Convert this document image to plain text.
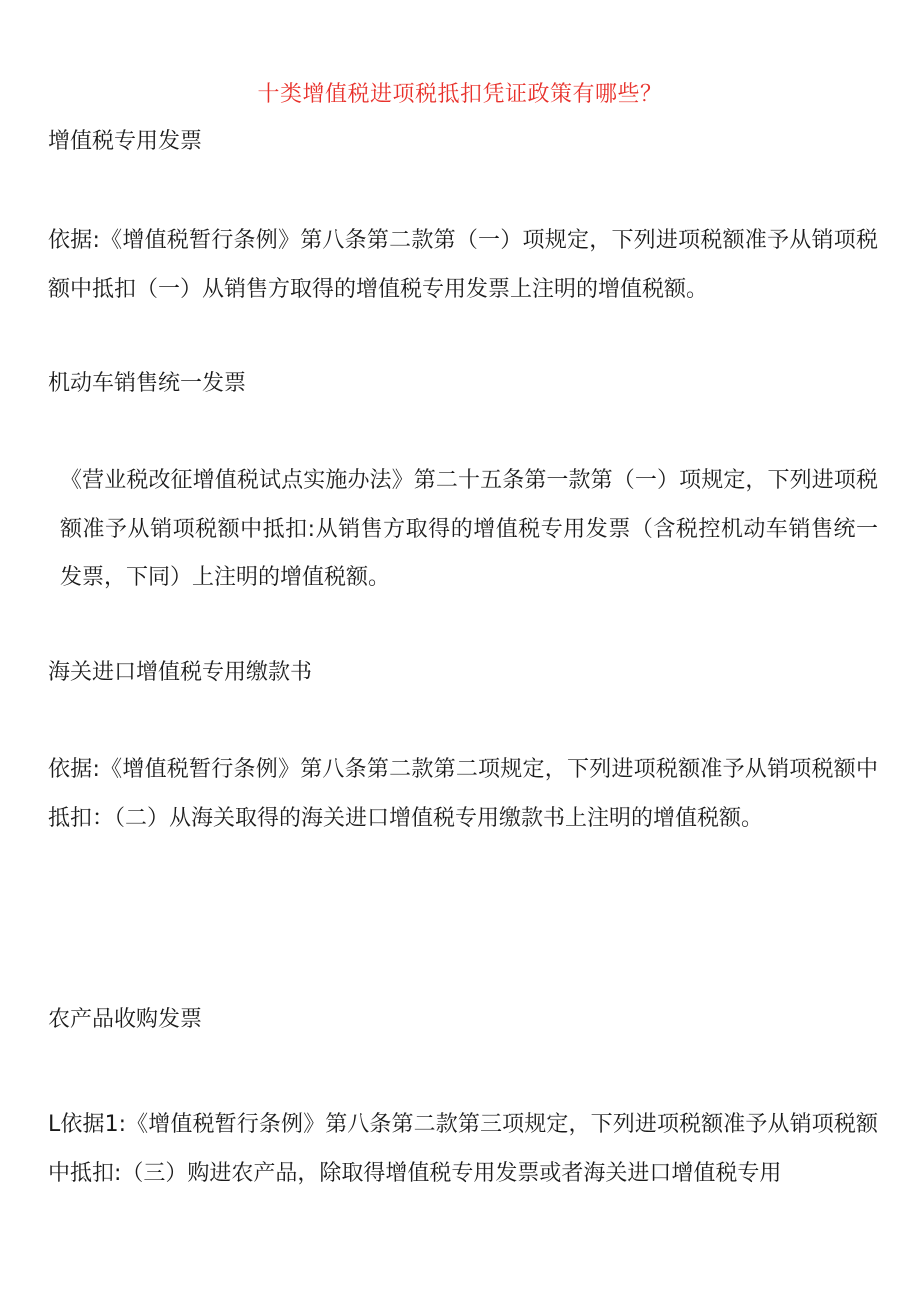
十类增值税进项税抵扣凭证政策有哪些？
增值税专用发票
依据:《增值税暂行条例》第八条第二款第（一）项规定，下列进项税额准予从销项税额中抵扣（一）从销售方取得的增值税专用发票上注明的增值税额。
机动车销售统一发票
《营业税改征增值税试点实施办法》第二十五条第一款第（一）项规定，下列进项税额准予从销项税额中抵扣:从销售方取得的增值税专用发票（含税控机动车销售统一发票，下同）上注明的增值税额。
海关进口增值税专用缴款书
依据:《增值税暂行条例》第八条第二款第二项规定，下列进项税额准予从销项税额中抵扣：（二）从海关取得的海关进口增值税专用缴款书上注明的增值税额。
农产品收购发票
L依据1:《增值税暂行条例》第八条第二款第三项规定，下列进项税额准予从销项税额中抵扣:（三）购进农产品，除取得增值税专用发票或者海关进口增值税专用
